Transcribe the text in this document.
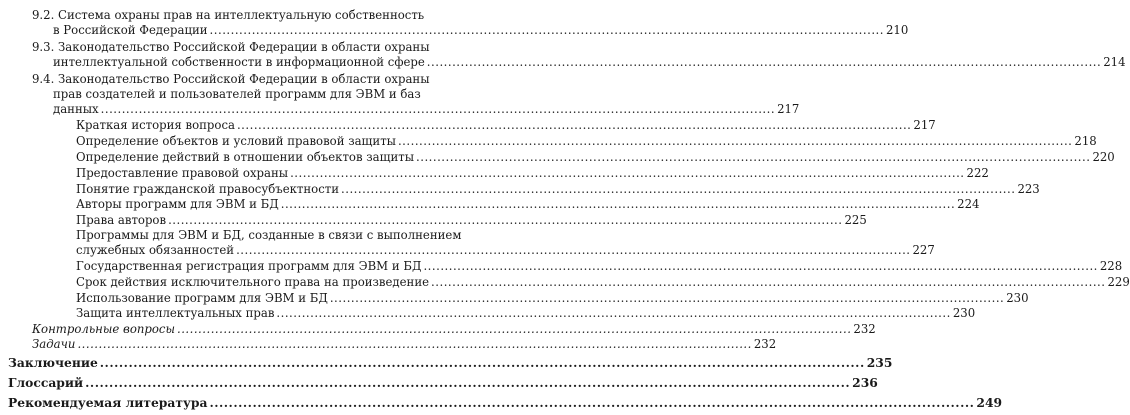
9.2. Система охраны прав на интеллектуальную собственность
в Российской Федерации .....	210
9.3. Законодательство Российской Федерации в области охраны
интеллектуальной собственности в информационной сфере .....	214
9.4. Законодательство Российской Федерации в области охраны
прав создателей и пользователей программ для ЭВМ и баз
данных .....	217
Краткая история вопроса .....	217
Определение объектов и условий правовой защиты .....	218
Определение действий в отношении объектов защиты .....	220
Предоставление правовой охраны .....	222
Понятие гражданской правосубъектности .....	223
Авторы программ для ЭВМ и БД .....	224
Права авторов .....	225
Программы для ЭВМ и БД, созданные в связи с выполнением
служебных обязанностей .....	227
Государственная регистрация программ для ЭВМ и БД .....	228
Срок действия исключительного права на произведение .....	229
Использование программ для ЭВМ и БД .....	230
Защита интеллектуальных прав .....	230
Контрольные вопросы .....	232
Задачи .....	232
Заключение .....	235
Глоссарий .....	236
Рекомендуемая литература .....	249
